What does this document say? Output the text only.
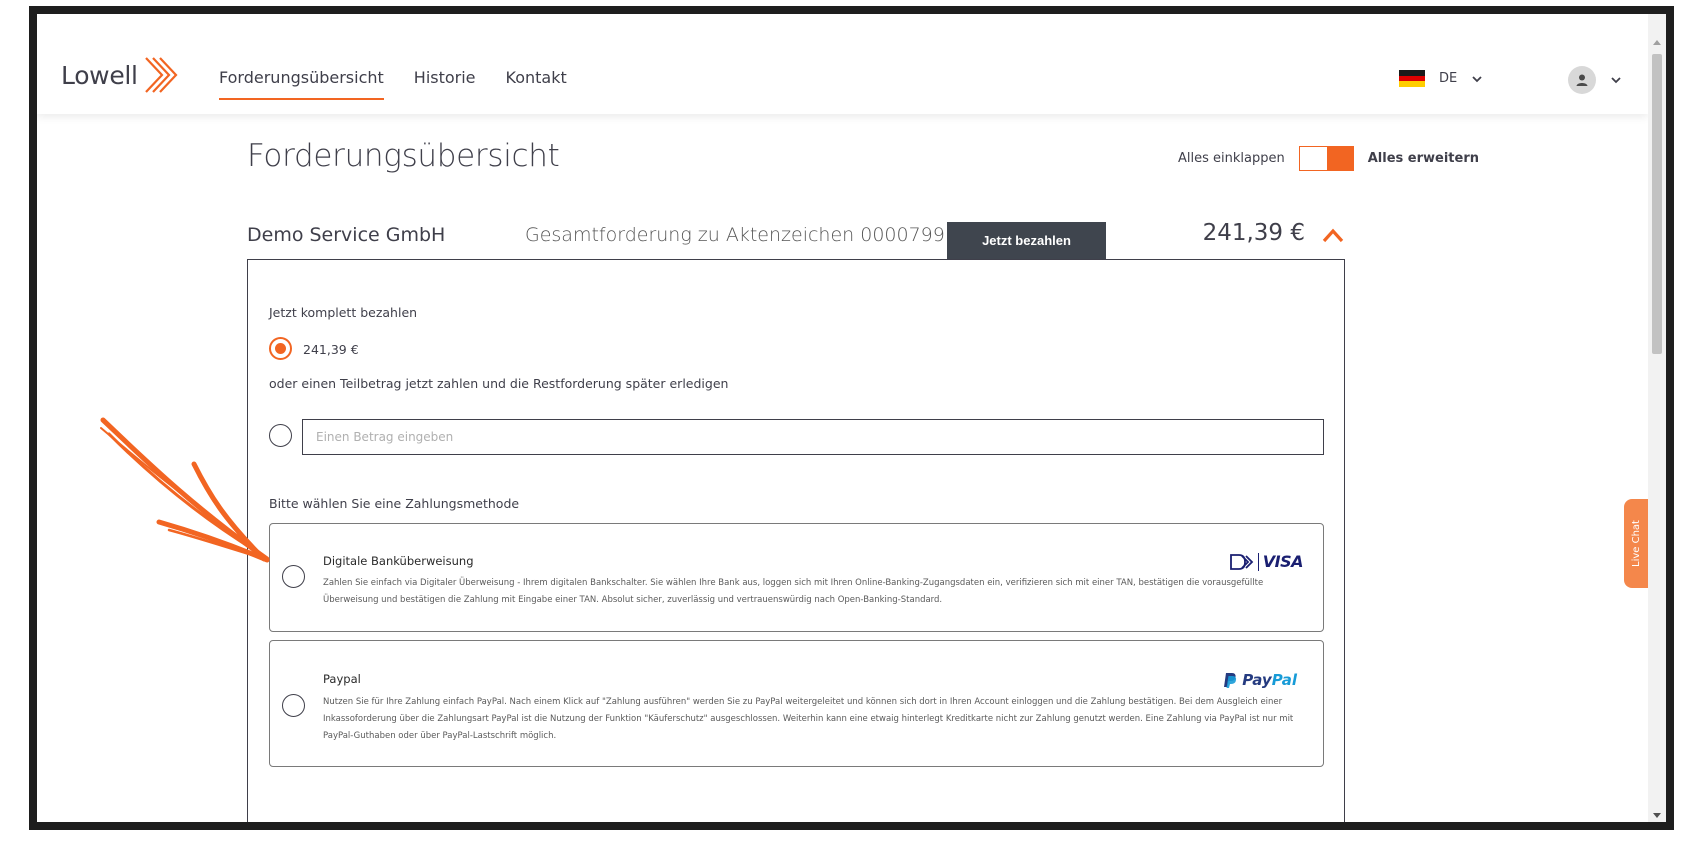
Lowell	Forderungsübersicht Historie Kontakt	DE
Forderungsübersicht	Alles einklappen	Alles erweitern
Demo Service GmbH	Gesamtforderung zu Aktenzeichen 0000799	Jetzt bezahlen	241,39 €
Jetzt komplett bezahlen
241,39 €
oder einen Teilbetrag jetzt zahlen und die Restforderung später erledigen
Einen Betrag eingeben
Bitte wählen Sie eine Zahlungsmethode
Digitale Banküberweisung
Zahlen Sie einfach via Digitaler Überweisung - Ihrem digitalen Bankschalter. Sie wählen Ihre Bank aus, loggen sich mit Ihren Online-Banking-Zugangsdaten ein, verifizieren sich mit einer TAN, bestätigen die vorausgefüllte Überweisung und bestätigen die Zahlung mit Eingabe einer TAN. Absolut sicher, zuverlässig und vertrauenswürdig nach Open-Banking-Standard.
VISA
Paypal
Nutzen Sie für Ihre Zahlung einfach PayPal. Nach einem Klick auf "Zahlung ausführen" werden Sie zu PayPal weitergeleitet und können sich dort in Ihren Account einloggen und die Zahlung bestätigen. Bei dem Ausgleich einer Inkassoforderung über die Zahlungsart PayPal ist die Nutzung der Funktion "Käuferschutz" ausgeschlossen. Weiterhin kann eine etwaig hinterlegt Kreditkarte nicht zur Zahlung genutzt werden. Eine Zahlung via PayPal ist nur mit PayPal-Guthaben oder über PayPal-Lastschrift möglich.
PayPal
Live Chat
